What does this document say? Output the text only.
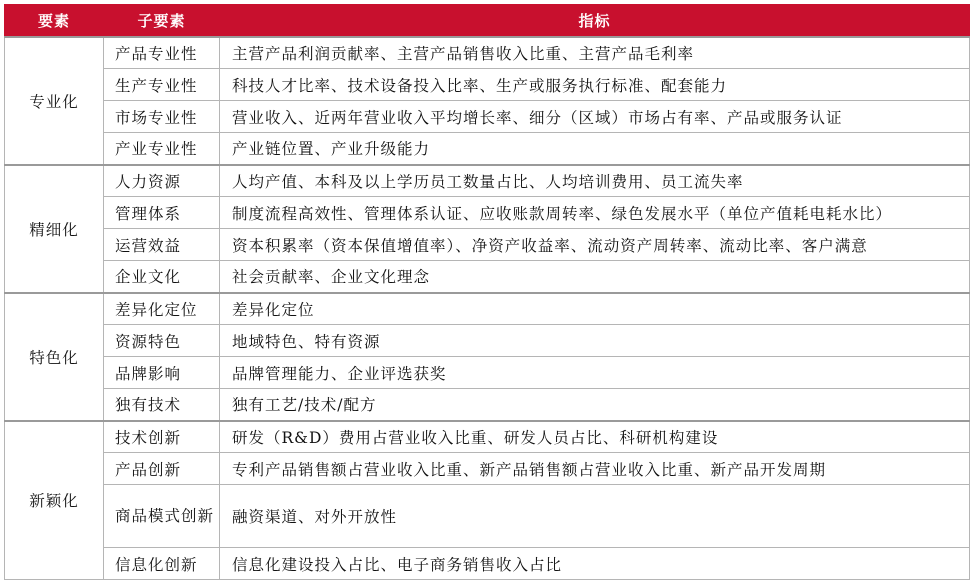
要素	子要素	指标
专业化	产品专业性	主营产品利润贡献率、主营产品销售收入比重、主营产品毛利率
	生产专业性	科技人才比率、技术设备投入比率、生产或服务执行标准、配套能力
	市场专业性	营业收入、近两年营业收入平均增长率、细分（区域）市场占有率、产品或服务认证
	产业专业性	产业链位置、产业升级能力
精细化	人力资源	人均产值、本科及以上学历员工数量占比、人均培训费用、员工流失率
	管理体系	制度流程高效性、管理体系认证、应收账款周转率、绿色发展水平（单位产值耗电耗水比）
	运营效益	资本积累率（资本保值增值率）、净资产收益率、流动资产周转率、流动比率、客户满意
	企业文化	社会贡献率、企业文化理念
特色化	差异化定位	差异化定位
	资源特色	地域特色、特有资源
	品牌影响	品牌管理能力、企业评选获奖
	独有技术	独有工艺/技术/配方
新颖化	技术创新	研发（R&D）费用占营业收入比重、研发人员占比、科研机构建设
	产品创新	专利产品销售额占营业收入比重、新产品销售额占营业收入比重、新产品开发周期
	商品模式创新	融资渠道、对外开放性
	信息化创新	信息化建设投入占比、电子商务销售收入占比
